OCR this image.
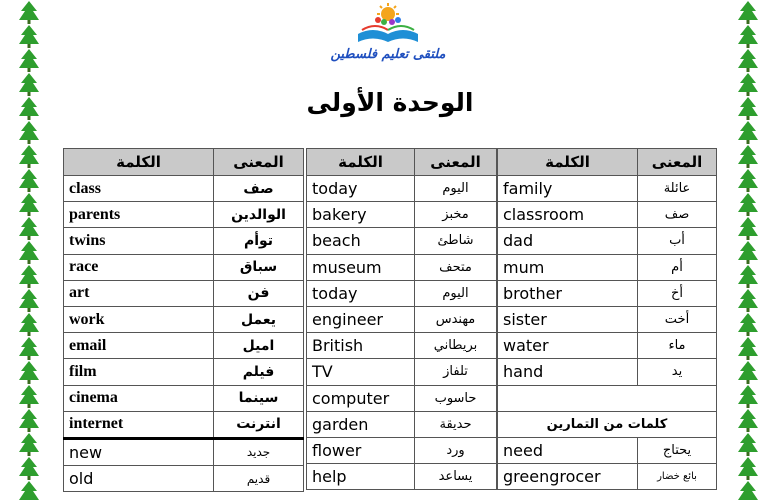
ملتقى تعليم فلسطين
الوحدة الأولى
الكلمة	المعنى
class	صف
parents	الوالدين
twins	توأم
race	سباق
art	فن
work	يعمل
email	اميل
film	فيلم
cinema	سينما
internet	انترنت
new	جديد
old	قديم
الكلمة	المعنى
today	اليوم
bakery	مخبز
beach	شاطئ
museum	متحف
today	اليوم
engineer	مهندس
British	بريطاني
TV	تلفاز
computer	حاسوب
garden	حديقة
flower	ورد
help	يساعد
الكلمة	المعنى
family	عائلة
classroom	صف
dad	أب
mum	أم
brother	أخ
sister	أخت
water	ماء
hand	يد

كلمات من التمارين	
need	يحتاج
greengrocer	بائع خضار
